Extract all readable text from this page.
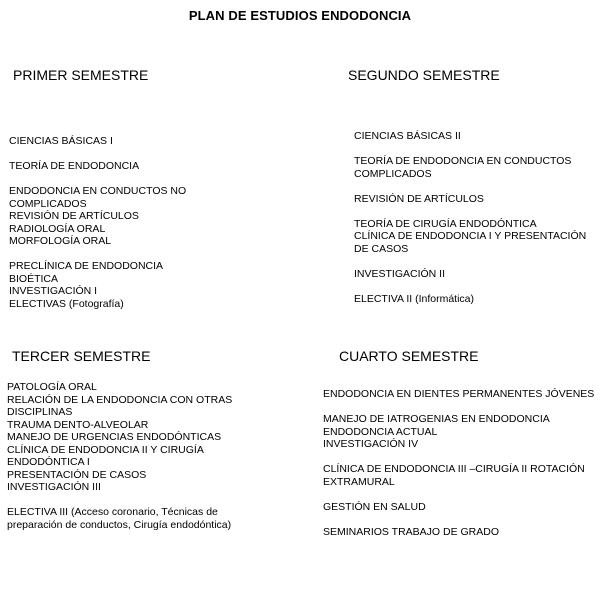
PLAN DE ESTUDIOS ENDODONCIA
PRIMER SEMESTRE
CIENCIAS BÁSICAS I
TEORÍA DE ENDODONCIA
ENDODONCIA EN CONDUCTOS NO
COMPLICADOS
REVISIÓN DE ARTÍCULOS
RADIOLOGÍA ORAL
MORFOLOGÍA ORAL
PRECLÍNICA DE ENDODONCIA
BIOÉTICA
INVESTIGACIÓN I
ELECTIVAS (Fotografía)
SEGUNDO SEMESTRE
CIENCIAS BÁSICAS II
TEORÍA DE ENDODONCIA EN CONDUCTOS
COMPLICADOS
REVISIÓN DE ARTÍCULOS
TEORÍA DE CIRUGÍA ENDODÓNTICA
CLÍNICA DE ENDODONCIA I Y PRESENTACIÓN
DE CASOS
INVESTIGACIÓN II
ELECTIVA II (Informática)
TERCER SEMESTRE
PATOLOGÍA ORAL
RELACIÓN DE LA ENDODONCIA CON OTRAS
DISCIPLINAS
TRAUMA DENTO-ALVEOLAR
MANEJO DE URGENCIAS ENDODÓNTICAS
CLÍNICA DE ENDODONCIA II Y CIRUGÍA
ENDODÓNTICA I
PRESENTACIÓN DE CASOS
INVESTIGACIÓN III
ELECTIVA III (Acceso coronario, Técnicas de
preparación de conductos, Cirugía endodóntica)
CUARTO SEMESTRE
ENDODONCIA EN DIENTES PERMANENTES JÓVENES
MANEJO DE IATROGENIAS EN ENDODONCIA
ENDODONCIA ACTUAL
INVESTIGACIÓN IV
CLÍNICA DE ENDODONCIA III –CIRUGÍA II ROTACIÓN
EXTRAMURAL
GESTIÓN EN SALUD
SEMINARIOS TRABAJO DE GRADO
